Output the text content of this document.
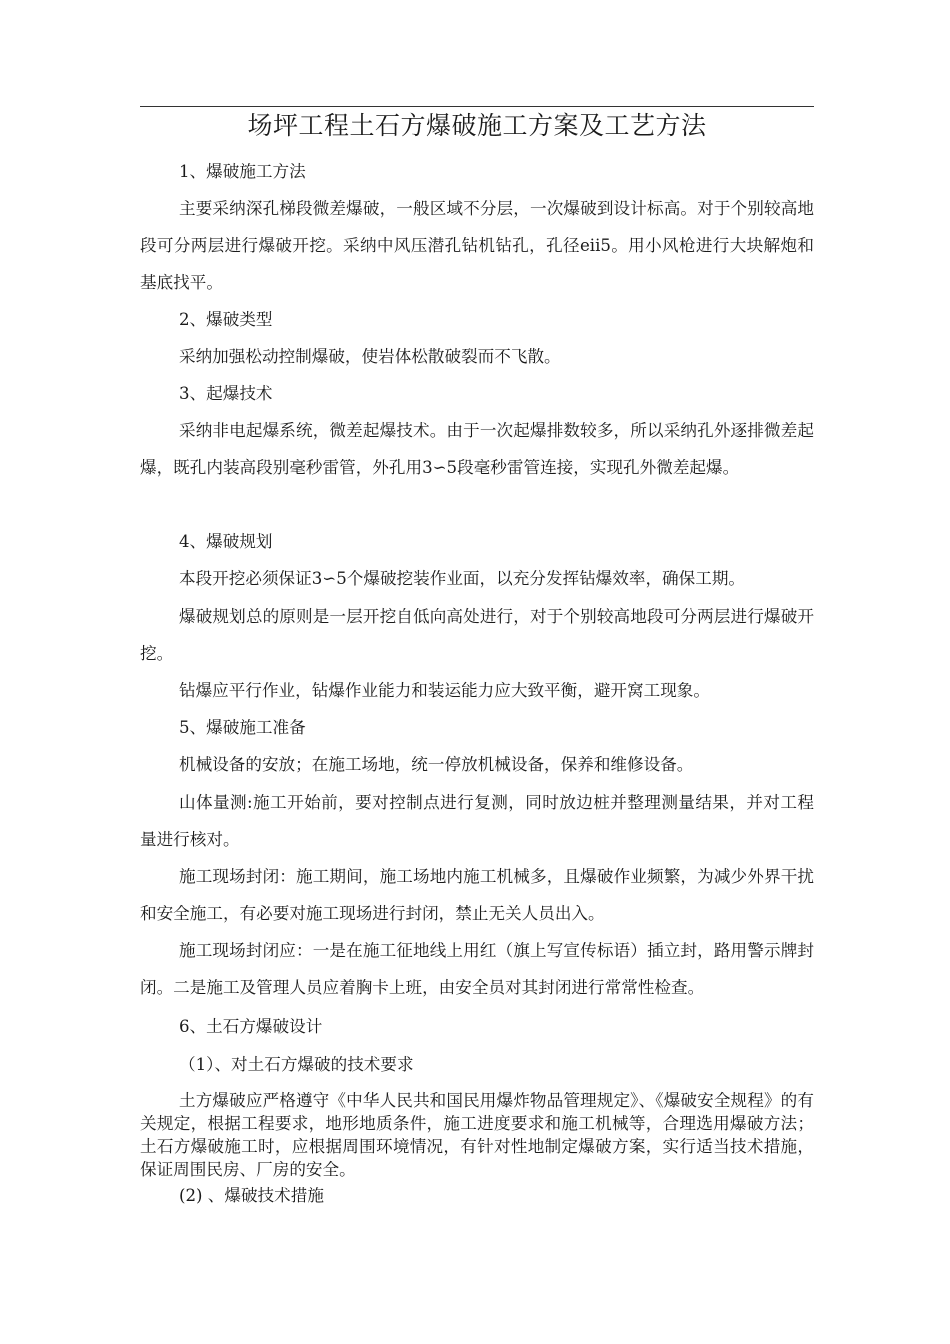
场坪工程土石方爆破施工方案及工艺方法

1、爆破施工方法

主要采纳深孔梯段微差爆破，一般区域不分层，一次爆破到设计标高。对于个别较高地段可分两层进行爆破开挖。采纳中风压潜孔钻机钻孔，孔径eii5。用小风枪进行大块解炮和基底找平。

2、爆破类型

采纳加强松动控制爆破，使岩体松散破裂而不飞散。

3、起爆技术

采纳非电起爆系统，微差起爆技术。由于一次起爆排数较多，所以采纳孔外逐排微差起爆，既孔内装高段别毫秒雷管，外孔用3∽5段毫秒雷管连接，实现孔外微差起爆。

4、爆破规划

本段开挖必须保证3∽5个爆破挖装作业面，以充分发挥钻爆效率，确保工期。

爆破规划总的原则是一层开挖自低向高处进行，对于个别较高地段可分两层进行爆破开挖。

钻爆应平行作业，钻爆作业能力和装运能力应大致平衡，避开窝工现象。

5、爆破施工准备

机械设备的安放；在施工场地，统一停放机械设备，保养和维修设备。

山体量测:施工开始前，要对控制点进行复测，同时放边桩并整理测量结果，并对工程量进行核对。

施工现场封闭：施工期间，施工场地内施工机械多，且爆破作业频繁，为减少外界干扰和安全施工，有必要对施工现场进行封闭，禁止无关人员出入。

施工现场封闭应：一是在施工征地线上用红（旗上写宣传标语）插立封，路用警示牌封闭。二是施工及管理人员应着胸卡上班，由安全员对其封闭进行常常性检查。

6、土石方爆破设计

（1）、对土石方爆破的技术要求

土方爆破应严格遵守《中华人民共和国民用爆炸物品管理规定》、《爆破安全规程》的有关规定，根据工程要求，地形地质条件，施工进度要求和施工机械等，合理选用爆破方法；土石方爆破施工时，应根据周围环境情况，有针对性地制定爆破方案，实行适当技术措施，保证周围民房、厂房的安全。

(2) 、爆破技术措施
